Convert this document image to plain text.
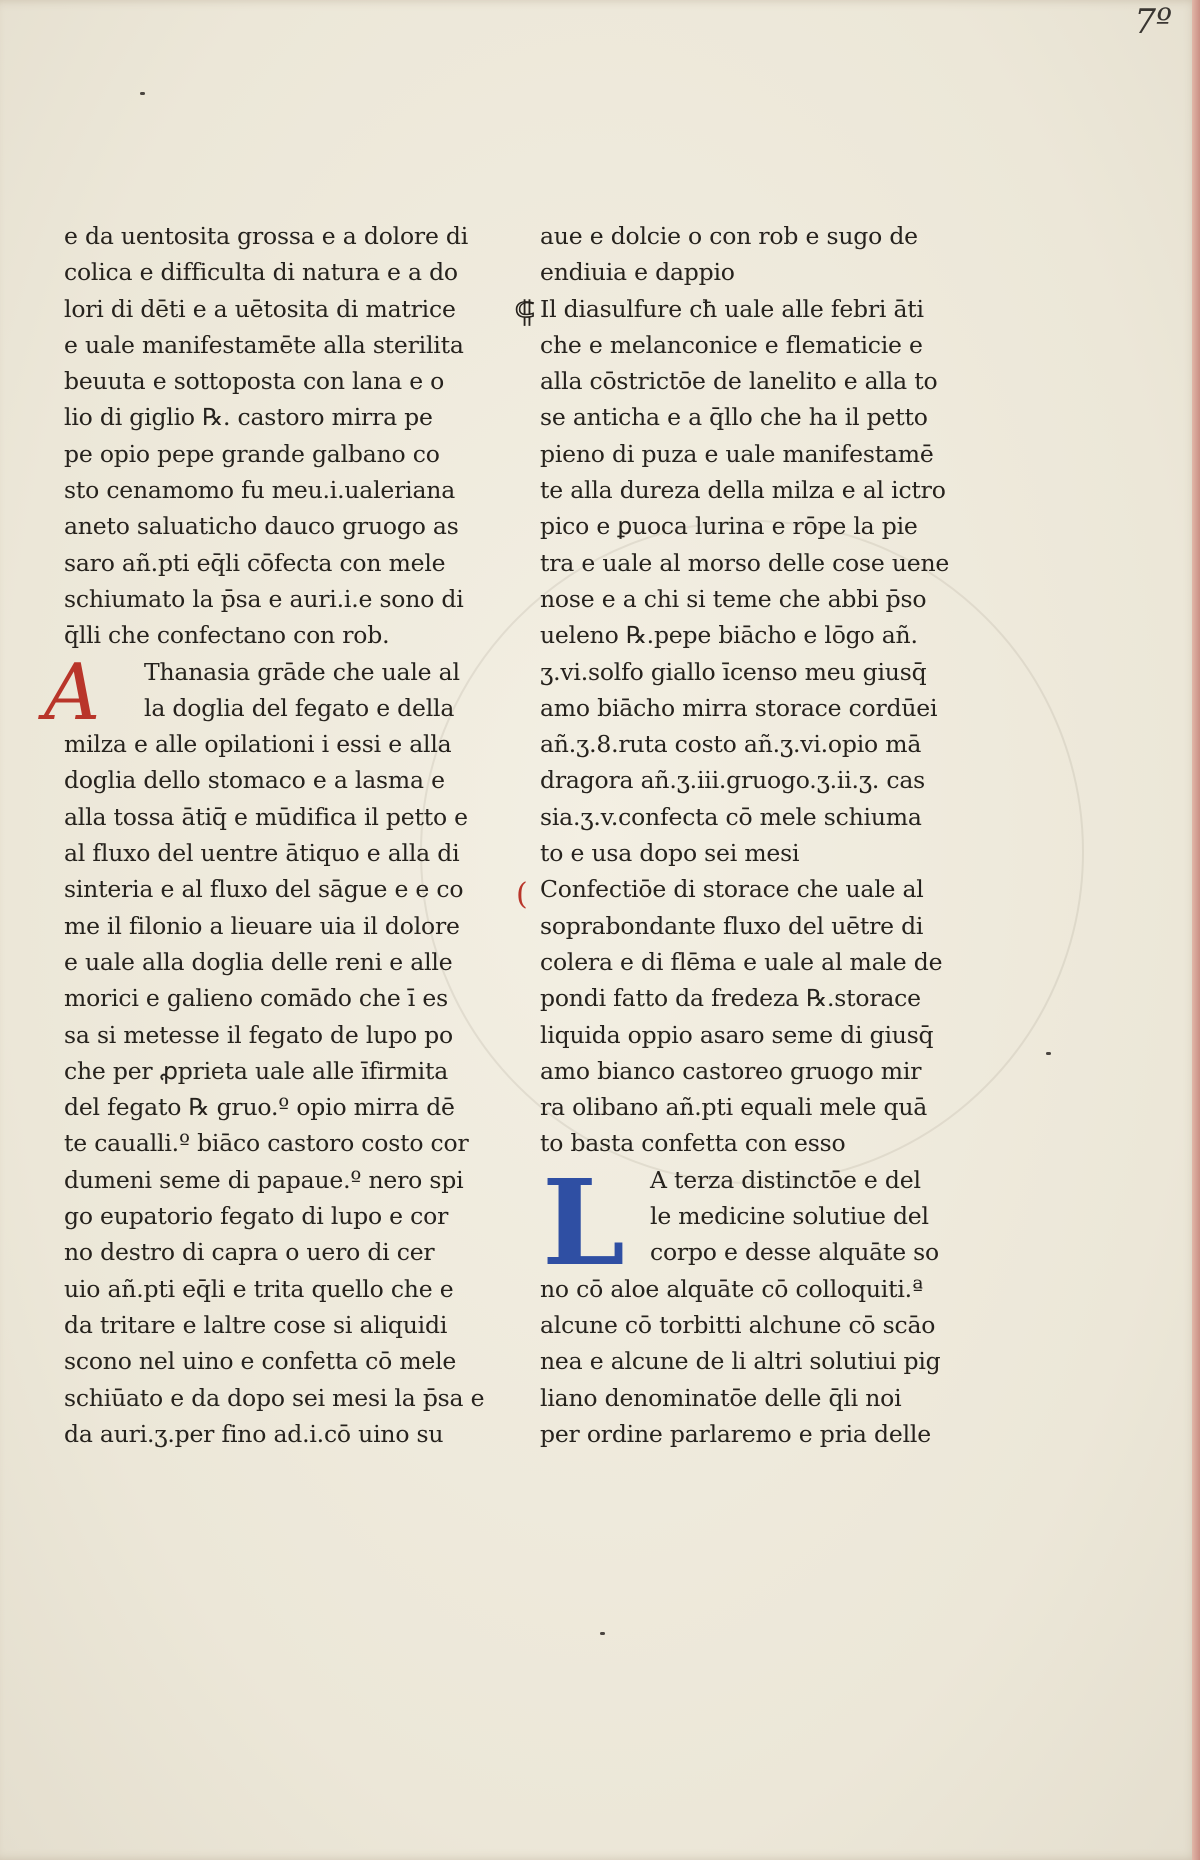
7º
e da uentosita grossa e a dolore di
colica e difficulta di natura e a do
lori di dēti e a uētosita di matrice
e uale manifestamēte alla sterilita
beuuta e sottoposta con lana e o
lio di giglio ℞. castoro mirra pe
pe opio pepe grande galbano co
sto cenamomo fu meu.i.ualeriana
aneto saluaticho dauco gruogo as
saro añ.pti eq̄li cōfecta con mele
schiumato la p̄sa e auri.i.e sono di
q̄lli che confectano con rob.
Thanasia grāde che uale al
la doglia del fegato e della
milza e alle opilationi i essi e alla
doglia dello stomaco e a lasma e
alla tossa ātiq̄ e mūdifica il petto e
al fluxo del uentre ātiquo e alla di
sinteria e al fluxo del sāgue e e co
me il filonio a lieuare uia il dolore
e uale alla doglia delle reni e alle
morici e galieno comādo che ī es
sa si metesse il fegato de lupo po
che per ꝓprieta uale alle īfirmita
del fegato ℞ gruo.º opio mirra dē
te caualli.º biāco castoro costo cor
dumeni seme di papaue.º nero spi
go eupatorio fegato di lupo e cor
no destro di capra o uero di cer
uio añ.pti eq̄li e trita quello che e
da tritare e laltre cose si aliquidi
scono nel uino e confetta cō mele
schiūato e da dopo sei mesi la p̄sa e
da auri.ʒ.per fino ad.i.cō uino su
A
aue e dolcie o con rob e sugo de
endiuia e dappio
Il diasulfure cħ uale alle febri āti
che e melanconice e flematicie e
alla cōstrictōe de lanelito e alla to
se anticha e a q̄llo che ha il petto
pieno di puza e uale manifestamē
te alla dureza della milza e al ictro
pico e ꝑuoca lurina e rōpe la pie
tra e uale al morso delle cose uene
nose e a chi si teme che abbi p̄so
ueleno ℞.pepe biācho e lōgo añ.
ʒ.vi.solfo giallo īcenso meu giusq̄
amo biācho mirra storace cordūei
añ.ʒ.8.ruta costo añ.ʒ.vi.opio mā
dragora añ.ʒ.iii.gruogo.ʒ.ii.ʒ. cas
sia.ʒ.v.confecta cō mele schiuma
to e usa dopo sei mesi
Confectiōe di storace che uale al
soprabondante fluxo del uētre di
colera e di flēma e uale al male de
pondi fatto da fredeza ℞.storace
liquida oppio asaro seme di giusq̄
amo bianco castoreo gruogo mir
ra olibano añ.pti equali mele quā
to basta confetta con esso
A terza distinctōe e del
le medicine solutiue del
corpo e desse alquāte so
no cō aloe alquāte cō colloquiti.ª
alcune cō torbitti alchune cō scāo
nea e alcune de li altri solutiui pig
liano denominatōe delle q̄li noi
per ordine parlaremo e pria delle
L
⸿
(
